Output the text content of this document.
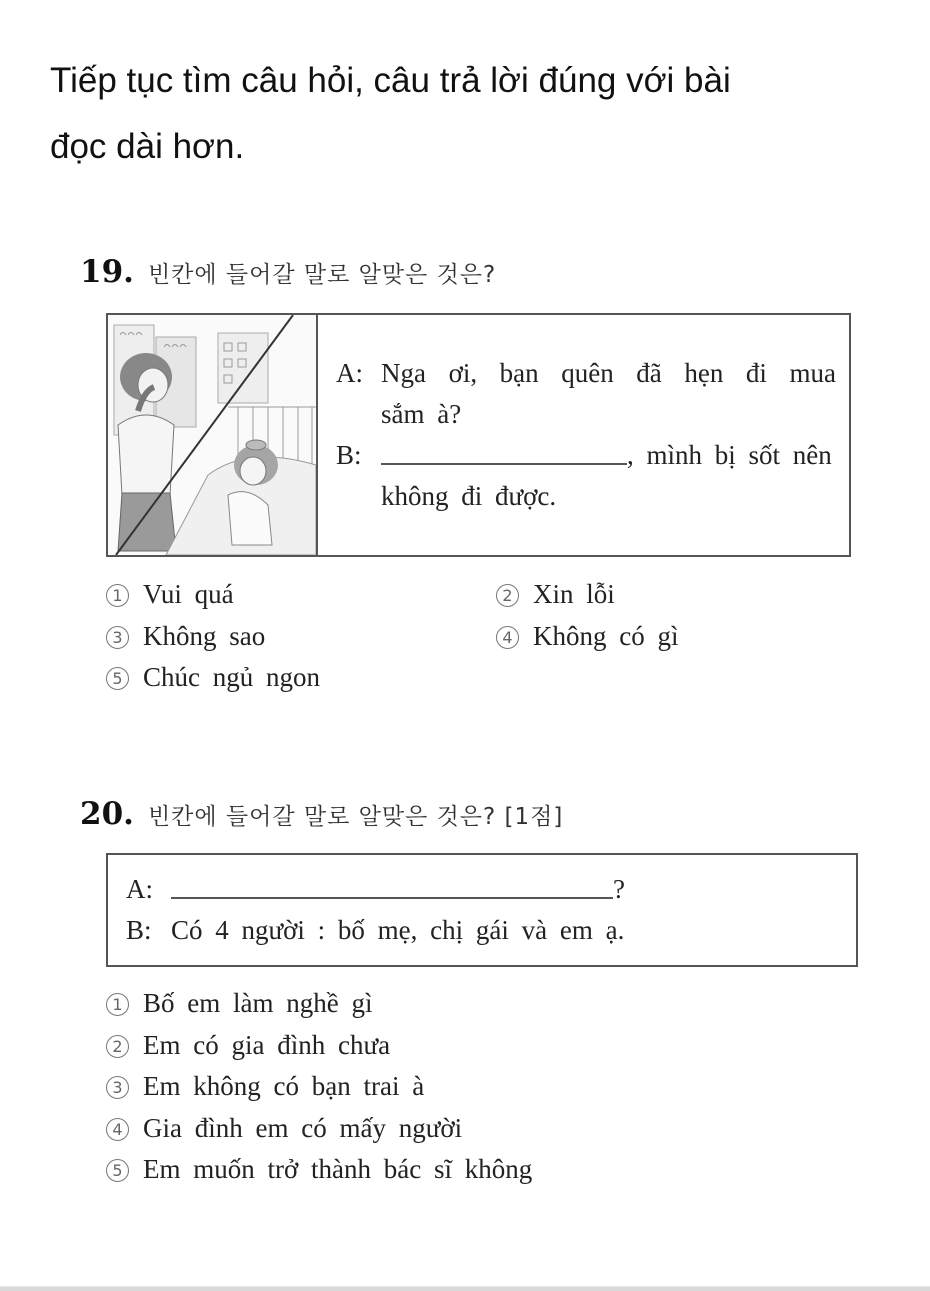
Tiếp tục tìm câu hỏi, câu trả lời đúng với bài
đọc dài hơn.
19. 빈칸에 들어갈 말로 알맞은 것은?
A: Nga ơi, bạn quên đã hẹn đi mua
sắm à?
B:	, mình bị sốt nên
không đi được.
1 Vui quá	2 Xin lỗi
3 Không sao	4 Không có gì
5 Chúc ngủ ngon
20. 빈칸에 들어갈 말로 알맞은 것은? [1점]
A:	?
B: Có 4 người : bố mẹ, chị gái và em ạ.
1 Bố em làm nghề gì
2 Em có gia đình chưa
3 Em không có bạn trai à
4 Gia đình em có mấy người
5 Em muốn trở thành bác sĩ không
